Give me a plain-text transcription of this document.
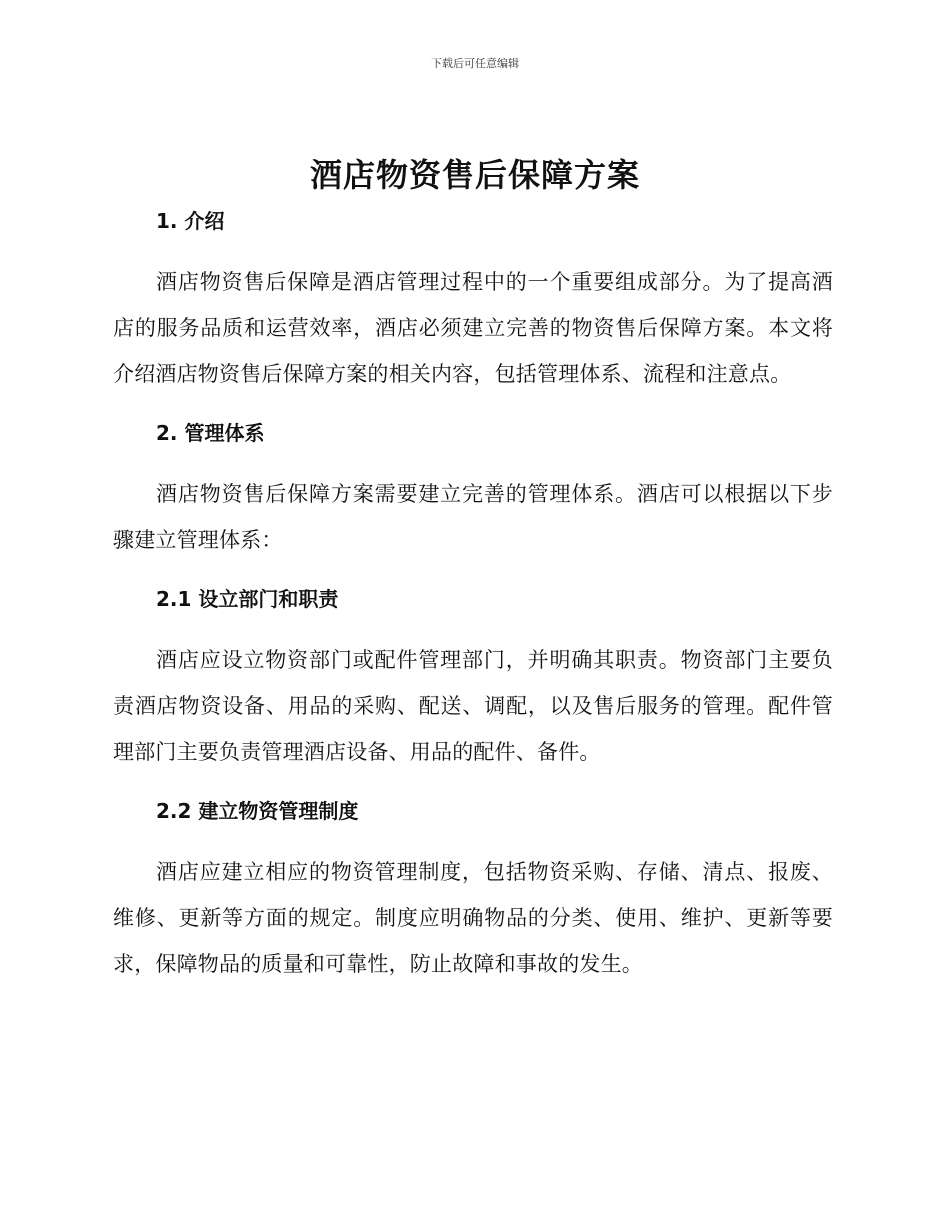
下载后可任意编辑
酒店物资售后保障方案
1. 介绍

酒店物资售后保障是酒店管理过程中的一个重要组成部分。为了提高酒店的服务品质和运营效率，酒店必须建立完善的物资售后保障方案。本文将介绍酒店物资售后保障方案的相关内容，包括管理体系、流程和注意点。

2. 管理体系

酒店物资售后保障方案需要建立完善的管理体系。酒店可以根据以下步骤建立管理体系：

2.1 设立部门和职责

酒店应设立物资部门或配件管理部门，并明确其职责。物资部门主要负责酒店物资设备、用品的采购、配送、调配，以及售后服务的管理。配件管理部门主要负责管理酒店设备、用品的配件、备件。

2.2 建立物资管理制度

酒店应建立相应的物资管理制度，包括物资采购、存储、清点、报废、维修、更新等方面的规定。制度应明确物品的分类、使用、维护、更新等要求，保障物品的质量和可靠性，防止故障和事故的发生。
